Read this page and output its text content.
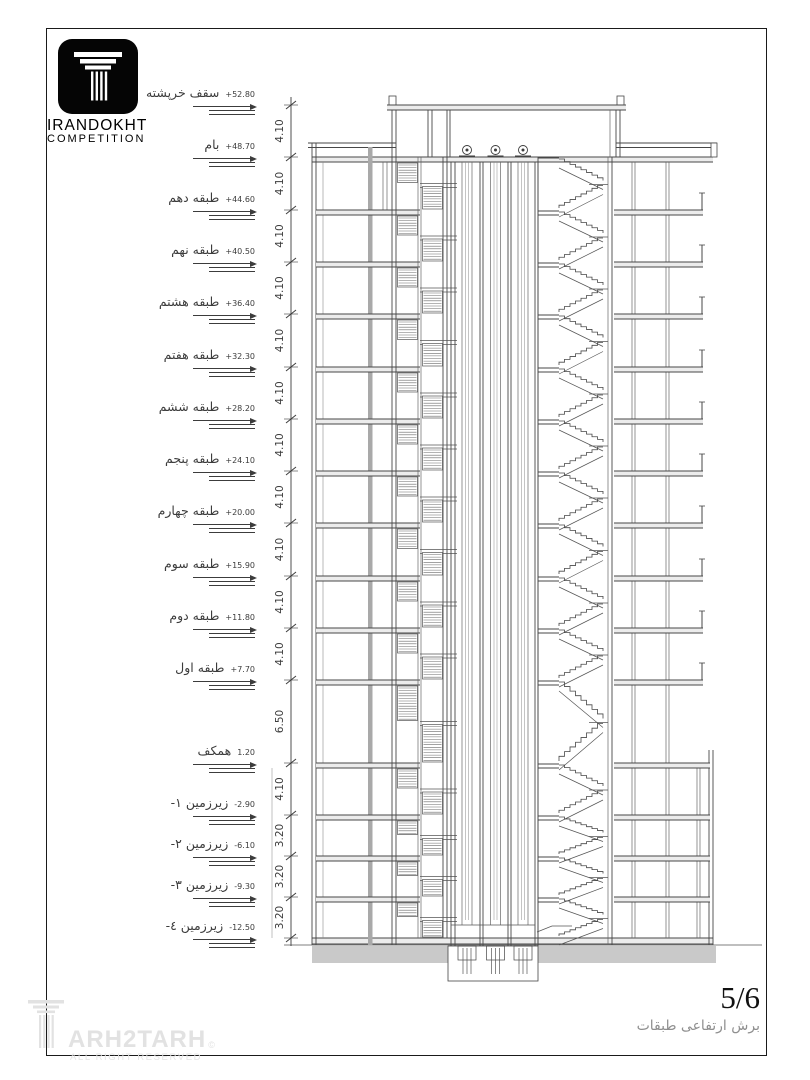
IRANDOKHT
COMPETITION	4.10
4.10
4.10
4.10
4.10
4.10
4.10
4.10
4.10
4.10
4.10
6.50
4.10
3.20
3.20
3.20
سقف خرپشته +52.80
بام +48.70
طبقه دهم +44.60
طبقه نهم +40.50
طبقه هشتم +36.40
طبقه هفتم +32.30
طبقه ششم +28.20
طبقه پنجم +24.10
طبقه چهارم +20.00
طبقه سوم +15.90
طبقه دوم +11.80
طبقه اول +7.70
همکف 1.20
زیرزمین ۱- -2.90
زیرزمین ۲- -6.10
زیرزمین ۳- -9.30
زیرزمین ٤- -12.50
5/6
برش ارتفاعی طبقات
ARH2TARH ©
ALL RIGHT RESERVED
